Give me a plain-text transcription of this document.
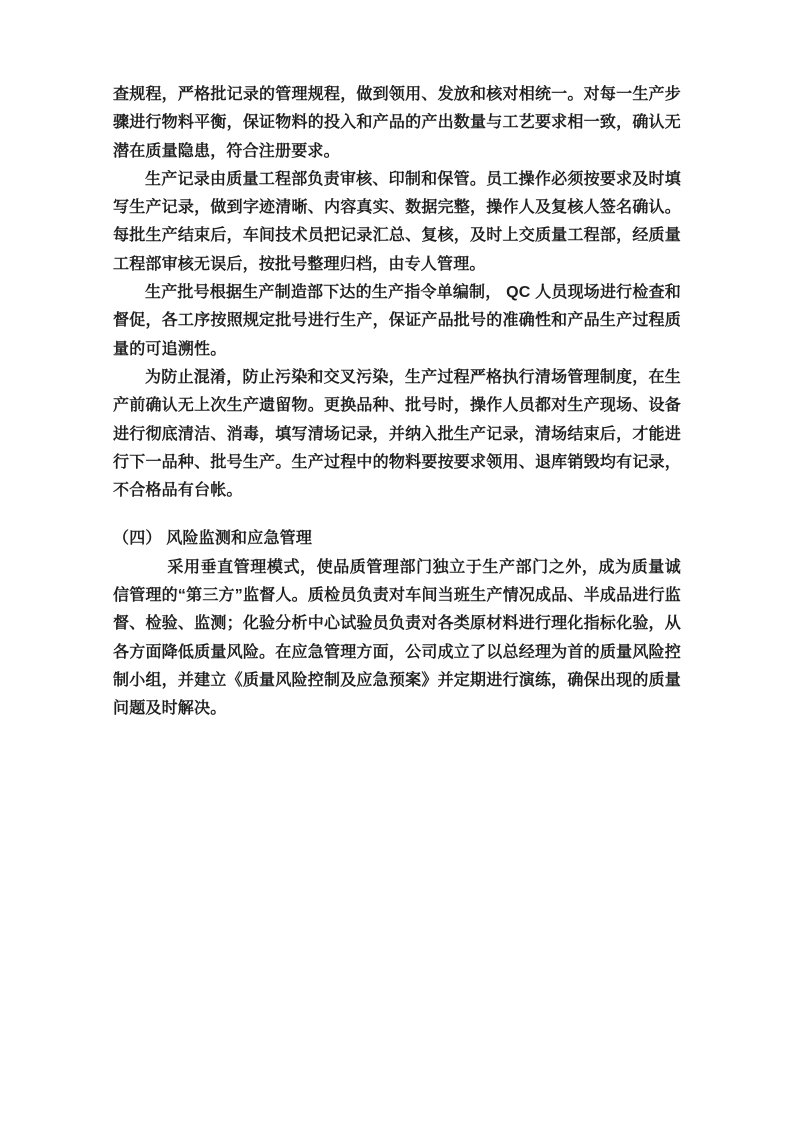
查规程，严格批记录的管理规程，做到领用、发放和核对相统一。对每一生产步骤进行物料平衡，保证物料的投入和产品的产出数量与工艺要求相一致，确认无潜在质量隐患，符合注册要求。

生产记录由质量工程部负责审核、印制和保管。员工操作必须按要求及时填写生产记录，做到字迹清晰、内容真实、数据完整，操作人及复核人签名确认。每批生产结束后，车间技术员把记录汇总、复核，及时上交质量工程部，经质量工程部审核无误后，按批号整理归档，由专人管理。

生产批号根据生产制造部下达的生产指令单编制， QC 人员现场进行检查和督促，各工序按照规定批号进行生产，保证产品批号的准确性和产品生产过程质量的可追溯性。

为防止混淆，防止污染和交叉污染，生产过程严格执行清场管理制度，在生产前确认无上次生产遗留物。更换品种、批号时，操作人员都对生产现场、设备进行彻底清洁、消毒，填写清场记录，并纳入批生产记录，清场结束后，才能进行下一品种、批号生产。生产过程中的物料要按要求领用、退库销毁均有记录，不合格品有台帐。

（四） 风险监测和应急管理

采用垂直管理模式，使品质管理部门独立于生产部门之外，成为质量诚信管理的“第三方”监督人。质检员负责对车间当班生产情况成品、半成品进行监督、检验、监测；化验分析中心试验员负责对各类原材料进行理化指标化验，从各方面降低质量风险。在应急管理方面，公司成立了以总经理为首的质量风险控制小组，并建立《质量风险控制及应急预案》并定期进行演练，确保出现的质量问题及时解决。
